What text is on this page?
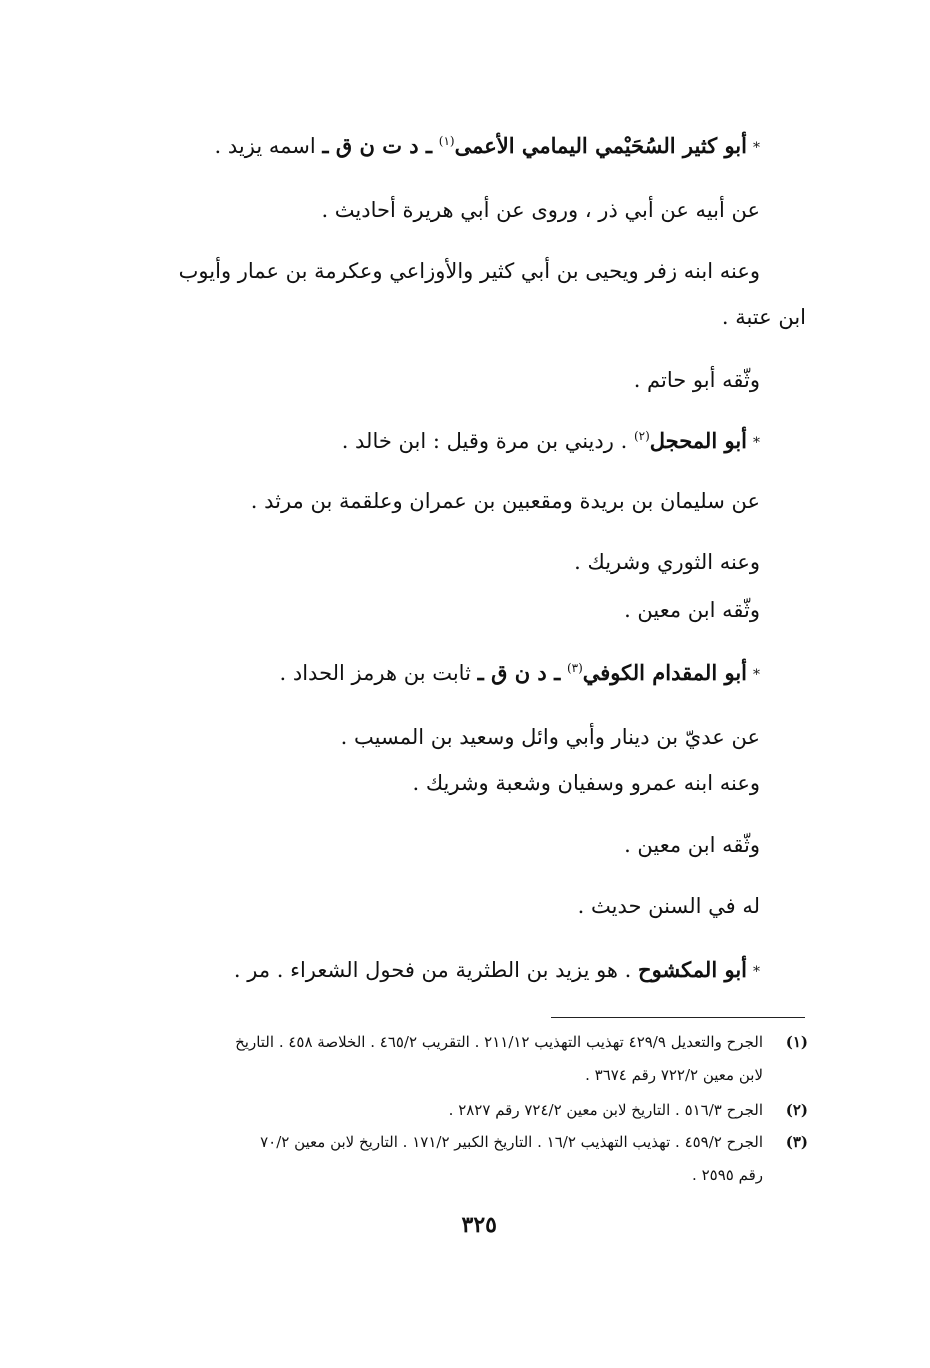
*أبو كثير السُحَيْمي اليمامي الأعمى$^{(١)}$ ـ د ت ن ق ـ اسمه يزيد .
عن أبيه عن أبي ذر ، وروى عن أبي هريرة أحاديث .
وعنه ابنه زفر ويحيى بن أبي كثير والأوزاعي وعكرمة بن عمار وأيوب
ابن عتبة .
وثّقه أبو حاتم .
*أبو المحجل$^{(٢)}$ . رديني بن مرة وقيل : ابن خالد .
عن سليمان بن بريدة ومقعبين بن عمران وعلقمة بن مرثد .
وعنه الثوري وشريك .
وثّقه ابن معين .
*أبو المقدام الكوفي$^{(٣)}$ ـ د ن ق ـ ثابت بن هرمز الحداد .
عن عديّ بن دينار وأبي وائل وسعيد بن المسيب .
وعنه ابنه عمرو وسفيان وشعبة وشريك .
وثّقه ابن معين .
له في السنن حديث .
*أبو المكشوح . هو يزيد بن الطثرية من فحول الشعراء . مر .
(١)
الجرح والتعديل ٤٢٩/٩ تهذيب التهذيب ٢١١/١٢ . التقريب ٤٦٥/٢ . الخلاصة ٤٥٨ . التاريخ
لابن معين ٧٢٢/٢ رقم ٣٦٧٤ .
(٢)
الجرح ٥١٦/٣ . التاريخ لابن معين ٧٢٤/٢ رقم ٢٨٢٧ .
(٣)
الجرح ٤٥٩/٢ . تهذيب التهذيب ١٦/٢ . التاريخ الكبير ١٧١/٢ . التاريخ لابن معين ٧٠/٢
رقم ٢٥٩٥ .
٣٢٥
